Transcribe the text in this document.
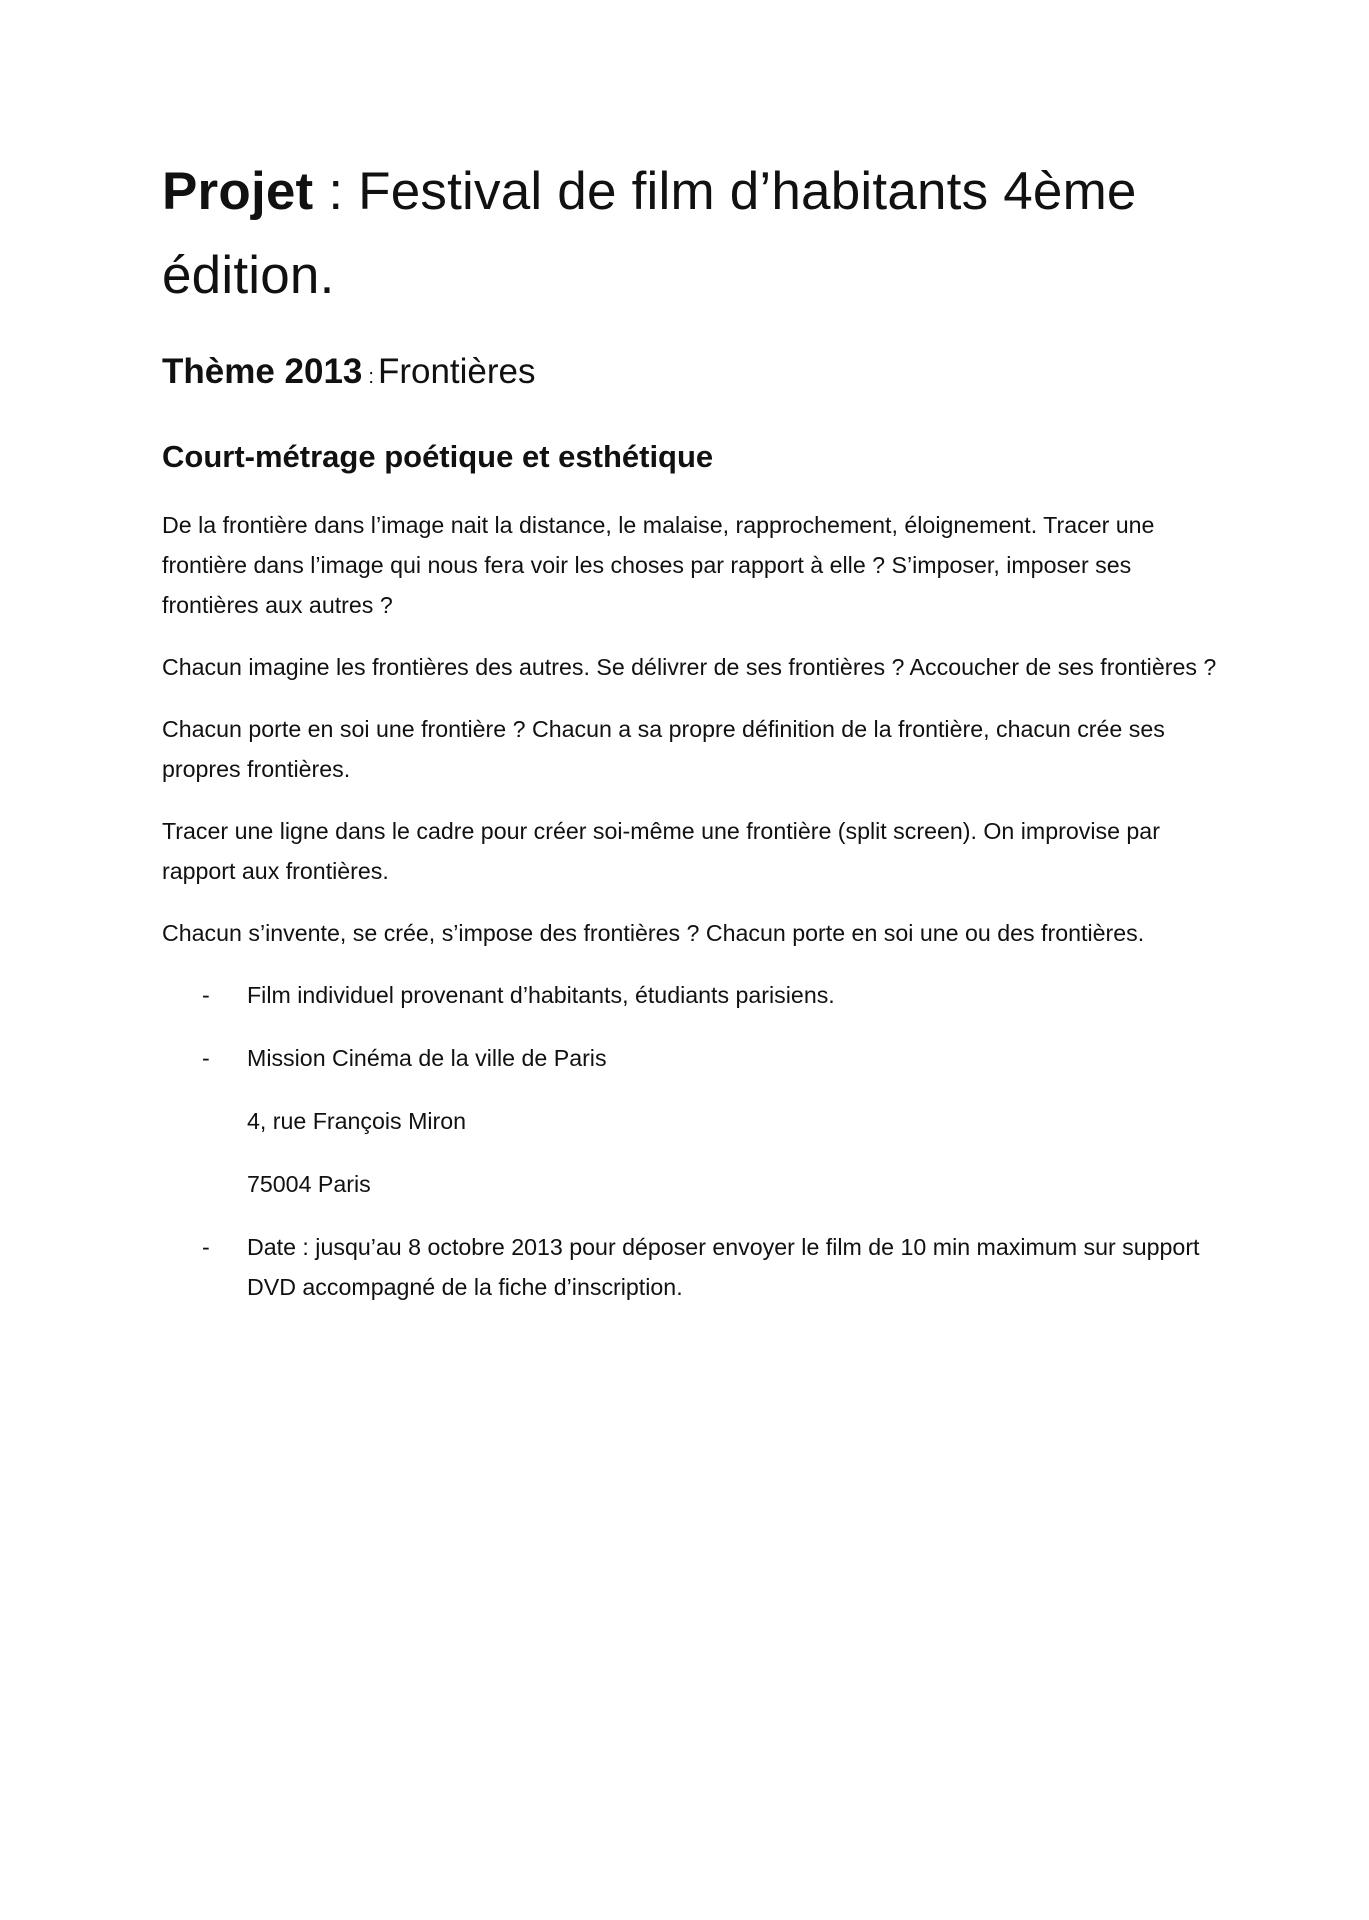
Projet : Festival de film d’habitants 4ème édition.
Thème 2013 : Frontières
Court-métrage poétique et esthétique

De la frontière dans l’image nait la distance, le malaise, rapprochement, éloignement. Tracer une frontière dans l’image qui nous fera voir les choses par rapport à elle ? S’imposer, imposer ses frontières aux autres ?

Chacun imagine les frontières des autres. Se délivrer de ses frontières ? Accoucher de ses frontières ?

Chacun porte en soi une frontière ? Chacun a sa propre définition de la frontière, chacun crée ses propres frontières.

Tracer une ligne dans le cadre pour créer soi-même une frontière (split screen). On improvise par rapport aux frontières.

Chacun s’invente, se crée, s’impose des frontières ? Chacun porte en soi une ou des frontières.

- Film individuel provenant d’habitants, étudiants parisiens.
- Mission Cinéma de la ville de Paris
4, rue François Miron
75004 Paris
- Date : jusqu’au 8 octobre 2013 pour déposer envoyer le film de 10 min maximum sur support DVD accompagné de la fiche d’inscription.
